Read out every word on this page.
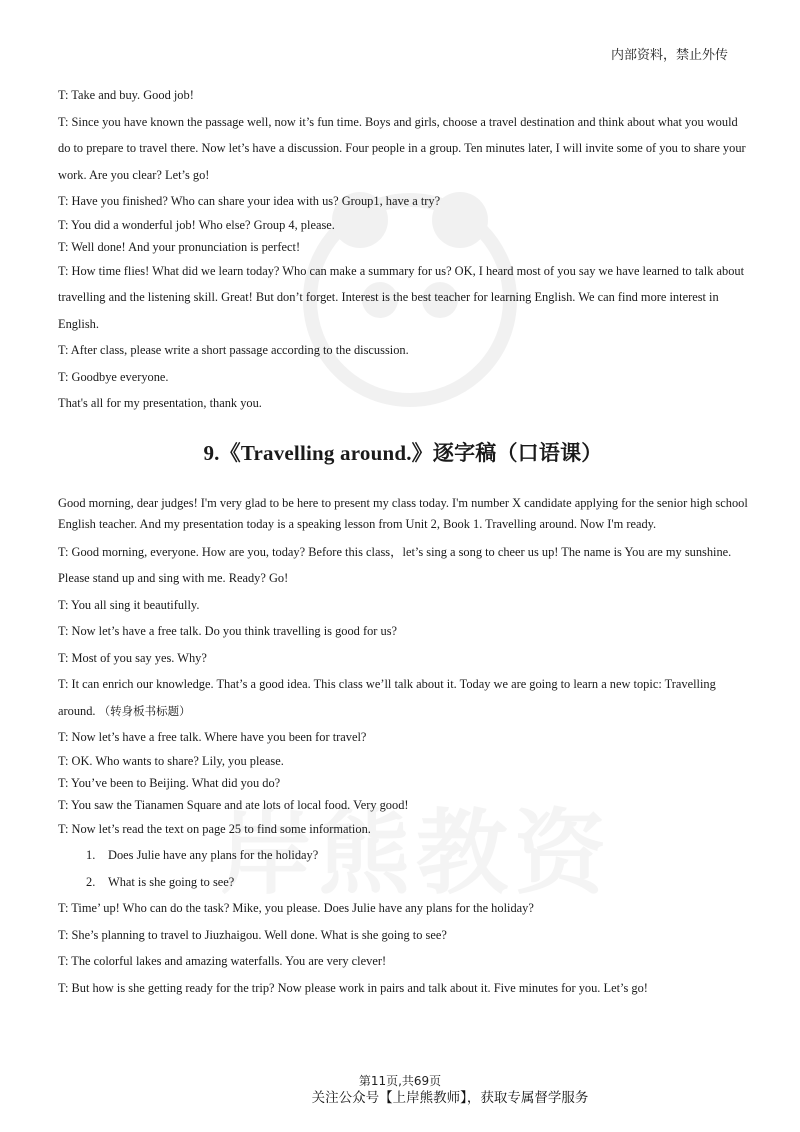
内部资料，禁止外传

T: Take and buy. Good job!

T: Since you have known the passage well, now it’s fun time. Boys and girls, choose a travel destination and think about what you would do to prepare to travel there. Now let’s have a discussion. Four people in a group. Ten minutes later, I will invite some of you to share your work. Are you clear? Let’s go!

T: Have you finished? Who can share your idea with us? Group1, have a try?

T: You did a wonderful job! Who else? Group 4, please.

T: Well done! And your pronunciation is perfect!

T: How time flies! What did we learn today? Who can make a summary for us? OK, I heard most of you say we have learned to talk about travelling and the listening skill. Great! But don’t forget. Interest is the best teacher for learning English. We can find more interest in English.

T: After class, please write a short passage according to the discussion.

T: Goodbye everyone.

That's all for my presentation, thank you.

9.《Travelling around.》逐字稿（口语课）

Good morning, dear judges! I'm very glad to be here to present my class today. I'm number X candidate applying for the senior high school English teacher. And my presentation today is a speaking lesson from Unit 2, Book 1. Travelling around. Now I'm ready.

T: Good morning, everyone. How are you, today? Before this class，let’s sing a song to cheer us up! The name is You are my sunshine. Please stand up and sing with me. Ready? Go!

T: You all sing it beautifully.

T: Now let’s have a free talk. Do you think travelling is good for us?

T: Most of you say yes. Why?

T: It can enrich our knowledge. That’s a good idea. This class we’ll talk about it. Today we are going to learn a new topic: Travelling around. （转身板书标题）

T: Now let’s have a free talk. Where have you been for travel?

T: OK. Who wants to share? Lily, you please.

T: You’ve been to Beijing. What did you do?

T: You saw the Tianamen Square and ate lots of local food. Very good!

T: Now let’s read the text on page 25 to find some information.

1. Does Julie have any plans for the holiday?

2. What is she going to see?

T: Time’ up! Who can do the task? Mike, you please. Does Julie have any plans for the holiday?

T: She’s planning to travel to Jiuzhaigou. Well done. What is she going to see?

T: The colorful lakes and amazing waterfalls. You are very clever!

T: But how is she getting ready for the trip? Now please work in pairs and talk about it. Five minutes for you. Let’s go!

第11页,共69页
关注公众号【上岸熊教师】，获取专属督学服务
